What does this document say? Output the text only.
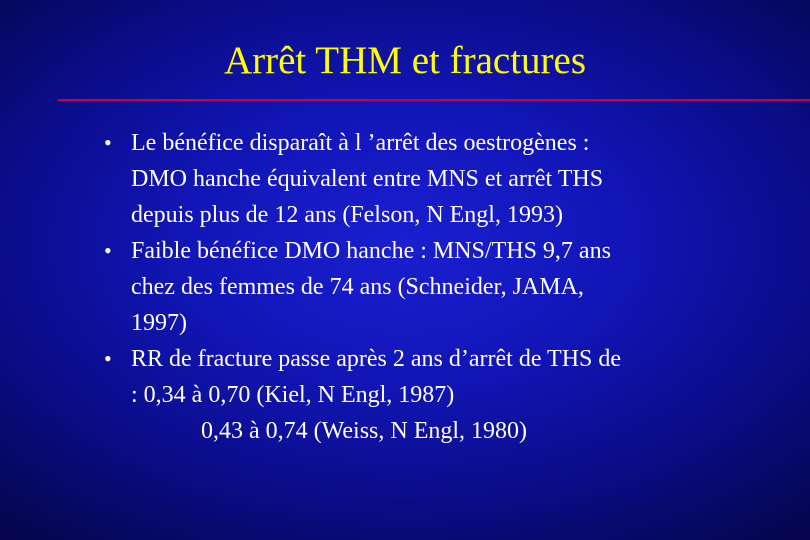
Arrêt THM et fractures
• Le bénéfice disparaît à l ’arrêt des oestrogènes :
DMO hanche équivalent entre MNS et arrêt THS
depuis plus de 12 ans (Felson, N Engl, 1993)
• Faible bénéfice DMO hanche : MNS/THS 9,7 ans
chez des femmes de 74 ans (Schneider, JAMA,
1997)
• RR de fracture passe après 2 ans d’arrêt de THS de
: 0,34 à 0,70 (Kiel, N Engl, 1987)
0,43 à 0,74 (Weiss, N Engl, 1980)
